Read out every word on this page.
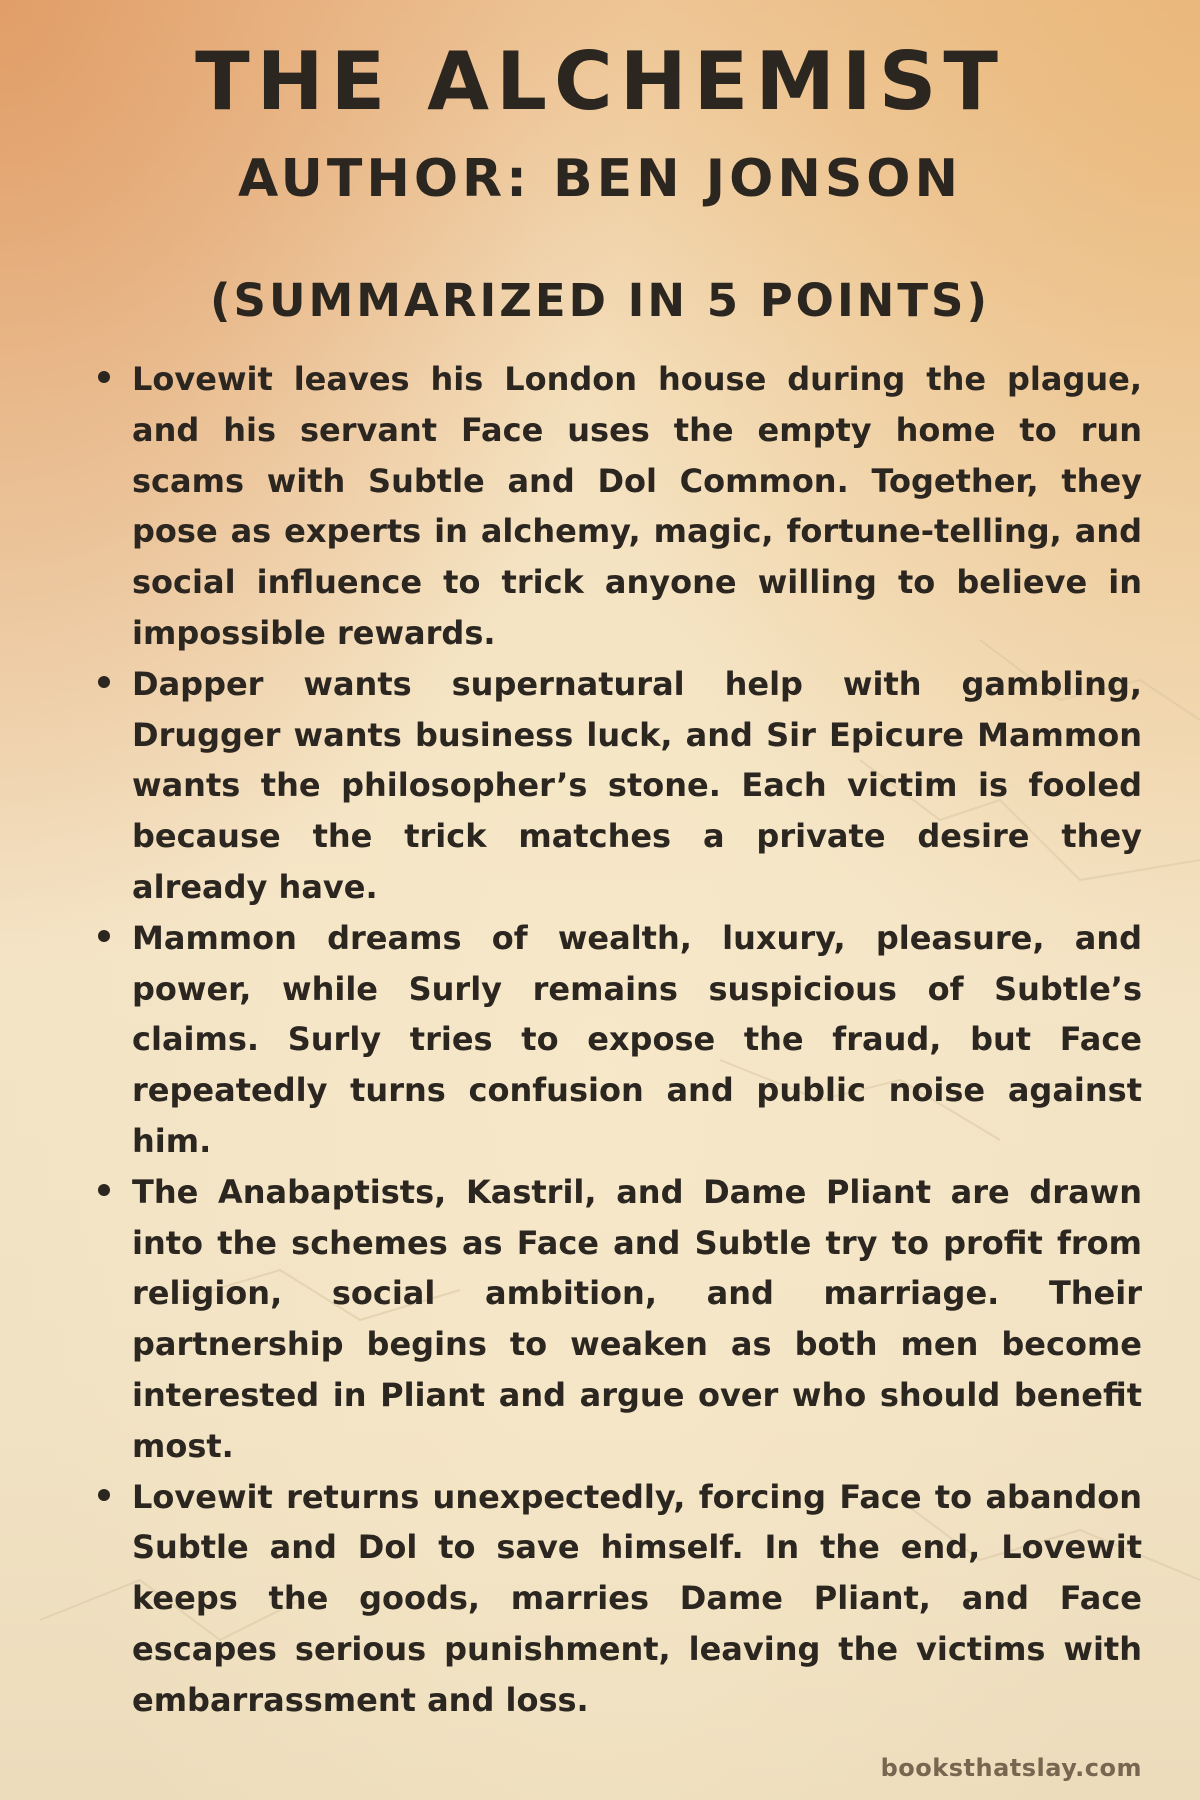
THE ALCHEMIST
AUTHOR: BEN JONSON
(SUMMARIZED IN 5 POINTS)
Lovewit leaves his London house during the plague, and his servant Face uses the empty home to run scams with Subtle and Dol Common. Together, they pose as experts in alchemy, magic, fortune-telling, and social influence to trick anyone willing to believe in impossible rewards.
Dapper wants supernatural help with gambling, Drugger wants business luck, and Sir Epicure Mammon wants the philosopher’s stone. Each victim is fooled because the trick matches a private desire they already have.
Mammon dreams of wealth, luxury, pleasure, and power, while Surly remains suspicious of Subtle’s claims. Surly tries to expose the fraud, but Face repeatedly turns confusion and public noise against him.
The Anabaptists, Kastril, and Dame Pliant are drawn into the schemes as Face and Subtle try to profit from religion, social ambition, and marriage. Their partnership begins to weaken as both men become interested in Pliant and argue over who should benefit most.
Lovewit returns unexpectedly, forcing Face to abandon Subtle and Dol to save himself. In the end, Lovewit keeps the goods, marries Dame Pliant, and Face escapes serious punishment, leaving the victims with embarrassment and loss.
booksthatslay.com
